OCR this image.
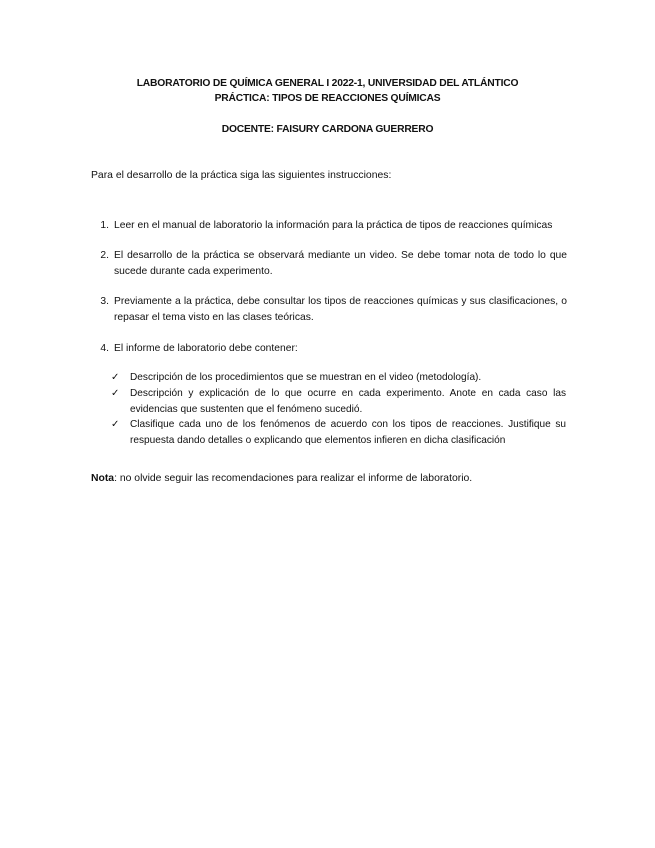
LABORATORIO DE QUÍMICA GENERAL I 2022-1, UNIVERSIDAD DEL ATLÁNTICO
PRÁCTICA: TIPOS DE REACCIONES QUÍMICAS
DOCENTE: FAISURY CARDONA GUERRERO
Para el desarrollo de la práctica siga las siguientes instrucciones:
1. Leer en el manual de laboratorio la información para la práctica de tipos de reacciones químicas
2. El desarrollo de la práctica se observará mediante un video. Se debe tomar nota de todo lo que sucede durante cada experimento.
3. Previamente a la práctica, debe consultar los tipos de reacciones químicas y sus clasificaciones, o repasar el tema visto en las clases teóricas.
4. El informe de laboratorio debe contener:
✓ Descripción de los procedimientos que se muestran en el video (metodología).
✓ Descripción y explicación de lo que ocurre en cada experimento. Anote en cada caso las evidencias que sustenten que el fenómeno sucedió.
✓ Clasifique cada uno de los fenómenos de acuerdo con los tipos de reacciones. Justifique su respuesta dando detalles o explicando que elementos infieren en dicha clasificación
Nota: no olvide seguir las recomendaciones para realizar el informe de laboratorio.
